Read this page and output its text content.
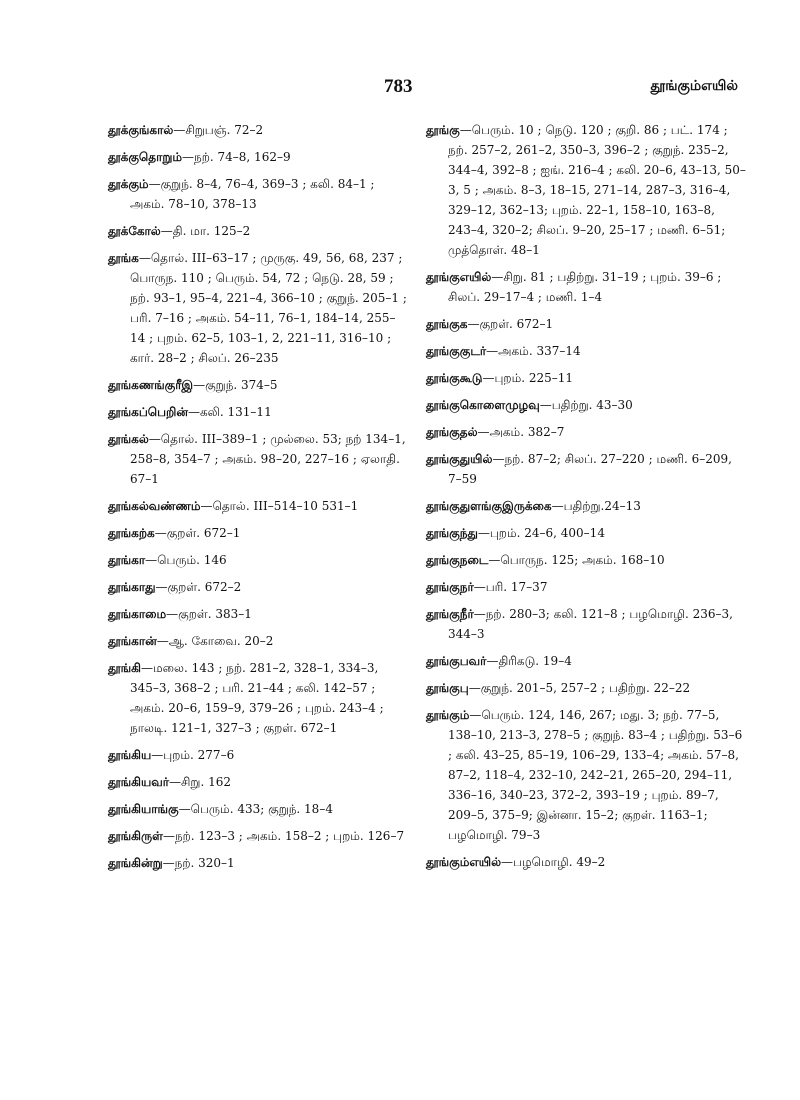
783	தூங்கும்எயில்
தூக்குங்கால்—சிறுபஞ். 72–2
தூக்குதொறும்—நற். 74–8, 162–9
தூக்கும்—குறுந். 8–4, 76–4, 369–3 ; கலி. 84–1 ; அகம். 78–10, 378–13
தூக்கோல்—தி. மா. 125–2
தூங்க—தொல். III–63–17 ; முருகு. 49, 56, 68, 237 ; பொருந. 110 ; பெரும். 54, 72 ; நெடு. 28, 59 ; நற். 93–1, 95–4, 221–4, 366–10 ; குறுந். 205–1 ; பரி. 7–16 ; அகம். 54–11, 76–1, 184–14, 255–14 ; புறம். 62–5, 103–1, 2, 221–11, 316–10 ; கார். 28–2 ; சிலப். 26–235
தூங்கணங்குரீஇ—குறுந். 374–5
தூங்கப்பெறின்—கலி. 131–11
தூங்கல்—தொல். III–389–1 ; முல்லை. 53; நற் 134–1, 258–8, 354–7 ; அகம். 98–20, 227–16 ; ஏலாதி. 67–1
தூங்கல்வண்ணம்—தொல். III–514–10 531–1
தூங்கற்க—குறள். 672–1
தூங்கா—பெரும். 146
தூங்காது—குறள். 672–2
தூங்காமை—குறள். 383–1
தூங்கான்—ஆ. கோவை. 20–2
தூங்கி—மலை. 143 ; நற். 281–2, 328–1, 334–3, 345–3, 368–2 ; பரி. 21–44 ; கலி. 142–57 ; அகம். 20–6, 159–9, 379–26 ; புறம். 243–4 ; நாலடி. 121–1, 327–3 ; குறள். 672–1
தூங்கிய—புறம். 277–6
தூங்கியவர்—சிறு. 162
தூங்கியாங்கு—பெரும். 433; குறுந். 18–4
தூங்கிருள்—நற். 123–3 ; அகம். 158–2 ; புறம். 126–7
தூங்கின்று—நற். 320–1
தூங்கு—பெரும். 10 ; நெடு. 120 ; குறி. 86 ; பட். 174 ; நற். 257–2, 261–2, 350–3, 396–2 ; குறுந். 235–2, 344–4, 392–8 ; ஐங். 216–4 ; கலி. 20–6, 43–13, 50–3, 5 ; அகம். 8–3, 18–15, 271–14, 287–3, 316–4, 329–12, 362–13; புறம். 22–1, 158–10, 163–8, 243–4, 320–2; சிலப். 9–20, 25–17 ; மணி. 6–51; முத்தொள். 48–1
தூங்குஎயில்—சிறு. 81 ; பதிற்று. 31–19 ; புறம். 39–6 ; சிலப். 29–17–4 ; மணி. 1–4
தூங்குக—குறள். 672–1
தூங்குகுடர்—அகம். 337–14
தூங்குகூடு—புறம். 225–11
தூங்குகொளைமுழவு—பதிற்று. 43–30
தூங்குதல்—அகம். 382–7
தூங்குதுயில்—நற். 87–2; சிலப். 27–220 ; மணி. 6–209, 7–59
தூங்குதுளங்குஇருக்கை—பதிற்று.24–13
தூங்குந்து—புறம். 24–6, 400–14
தூங்குநடை—பொருந. 125; அகம். 168–10
தூங்குநர்—பரி. 17–37
தூங்குநீர்—நற். 280–3; கலி. 121–8 ; பழமொழி. 236–3, 344–3
தூங்குபவர்—திரிகடு. 19–4
தூங்குபு—குறுந். 201–5, 257–2 ; பதிற்று. 22–22
தூங்கும்—பெரும். 124, 146, 267; மது. 3; நற். 77–5, 138–10, 213–3, 278–5 ; குறுந். 83–4 ; பதிற்று. 53–6 ; கலி. 43–25, 85–19, 106–29, 133–4; அகம். 57–8, 87–2, 118–4, 232–10, 242–21, 265–20, 294–11, 336–16, 340–23, 372–2, 393–19 ; புறம். 89–7, 209–5, 375–9; இன்னா. 15–2; குறள். 1163–1; பழமொழி. 79–3
தூங்கும்எயில்—பழமொழி. 49–2
